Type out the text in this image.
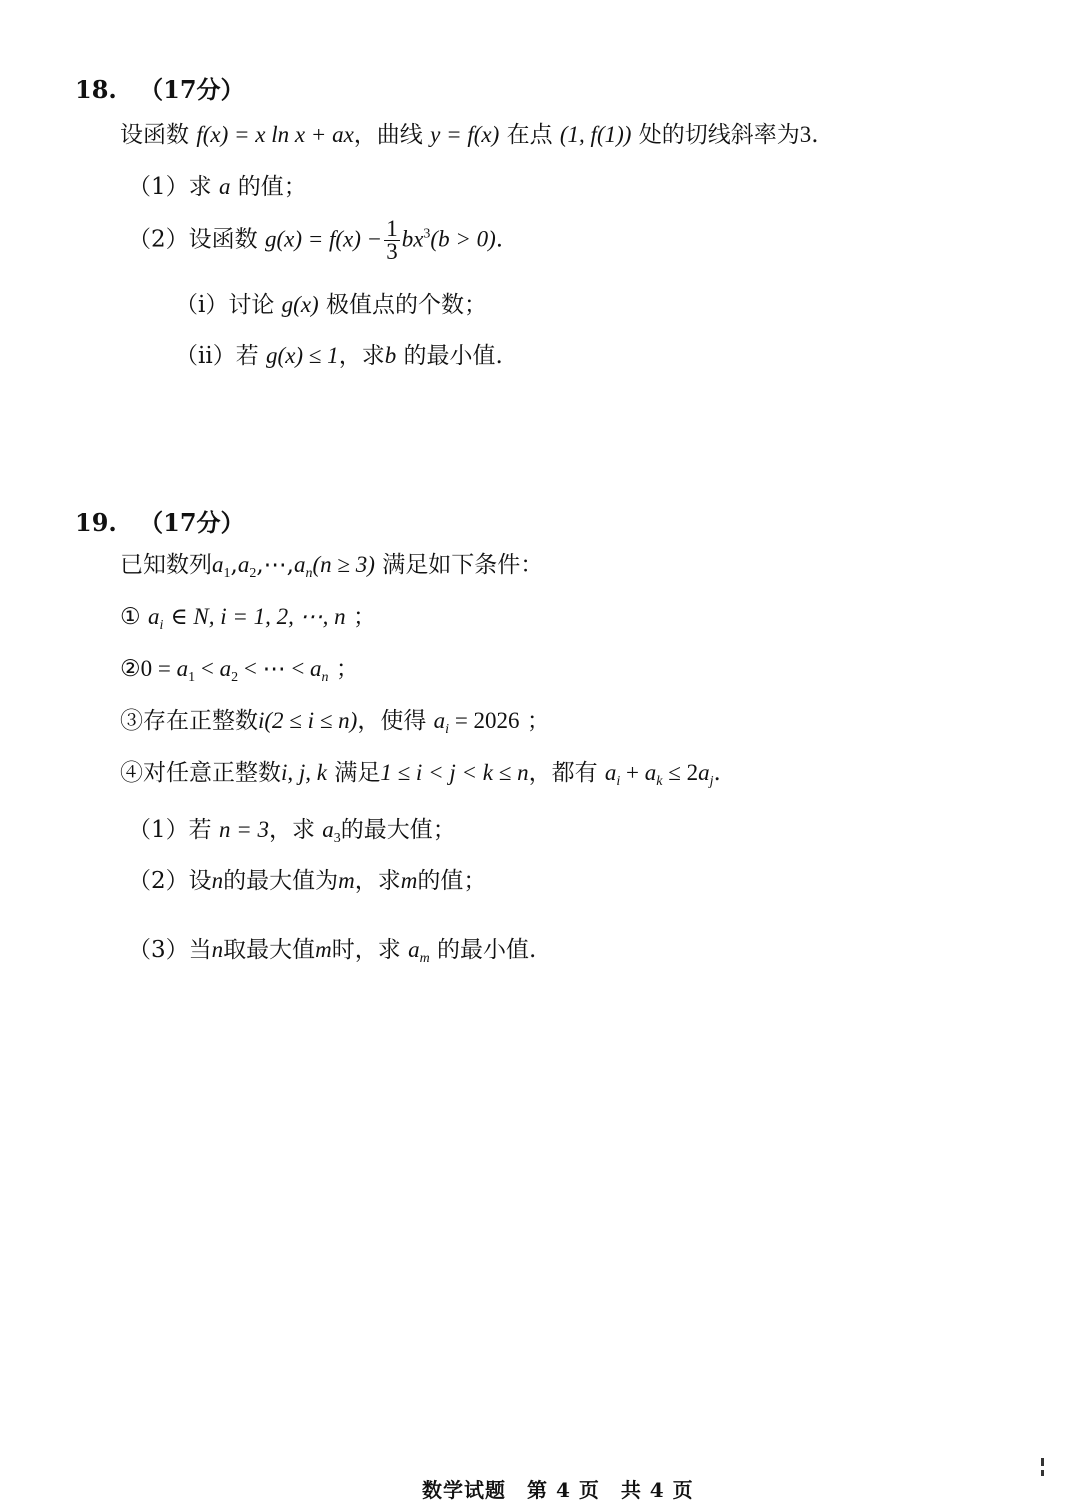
18. （17分）
设函数 f(x) = x ln x + ax，曲线 y = f(x) 在点 (1, f(1)) 处的切线斜率为3.
（1）求 a 的值；
（2）设函数 $g(x) = f(x) - \frac{1}{3} bx^3(b > 0)$.
（i）讨论 g(x) 极值点的个数；
（ii）若 g(x) ≤ 1，求b 的最小值.
19. （17分）
已知数列$a_1,a_2,\cdots,a_n(n \ge 3)$ 满足如下条件：
① $a_i$ ∈ N, i = 1, 2, ⋯, n ；
②0 = $a_1 < a_2$ < ⋯ < $a_n$ ；
③存在正整数i(2 ≤ i ≤ n)，使得 $a_i = 2026$ ；
④对任意正整数i, j, k 满足1 ≤ i < j < k ≤ n，都有 $a_i + a_k \le 2a_j$.
（1）若 n = 3，求 $a_3$的最大值；
（2）设n的最大值为m，求m的值；
（3）当n取最大值m时，求 $a_m$ 的最小值.
数学试题　第 4 页　共 4 页
